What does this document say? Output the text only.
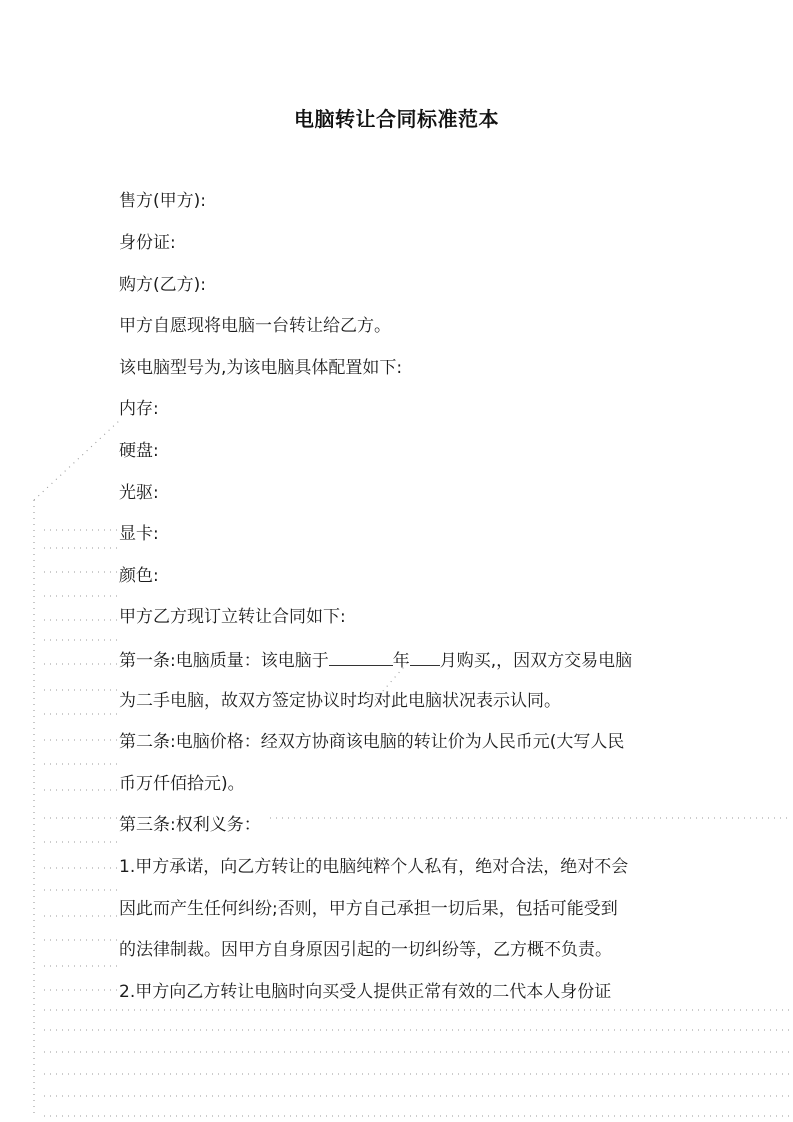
电脑转让合同标准范本
售方(甲方):
身份证:
购方(乙方):
甲方自愿现将电脑一台转让给乙方。
该电脑型号为,为该电脑具体配置如下:
内存:
硬盘:
光驱:
显卡:
颜色:
甲方乙方现订立转让合同如下:
第一条:电脑质量：该电脑于	年 月购买,，因双方交易电脑
为二手电脑，故双方签定协议时均对此电脑状况表示认同。
第二条:电脑价格：经双方协商该电脑的转让价为人民币元(大写人民
币万仟佰拾元)。
第三条:权利义务：
1.甲方承诺，向乙方转让的电脑纯粹个人私有，绝对合法，绝对不会
因此而产生任何纠纷;否则，甲方自己承担一切后果，包括可能受到
的法律制裁。因甲方自身原因引起的一切纠纷等，乙方概不负责。
2.甲方向乙方转让电脑时向买受人提供正常有效的二代本人身份证
